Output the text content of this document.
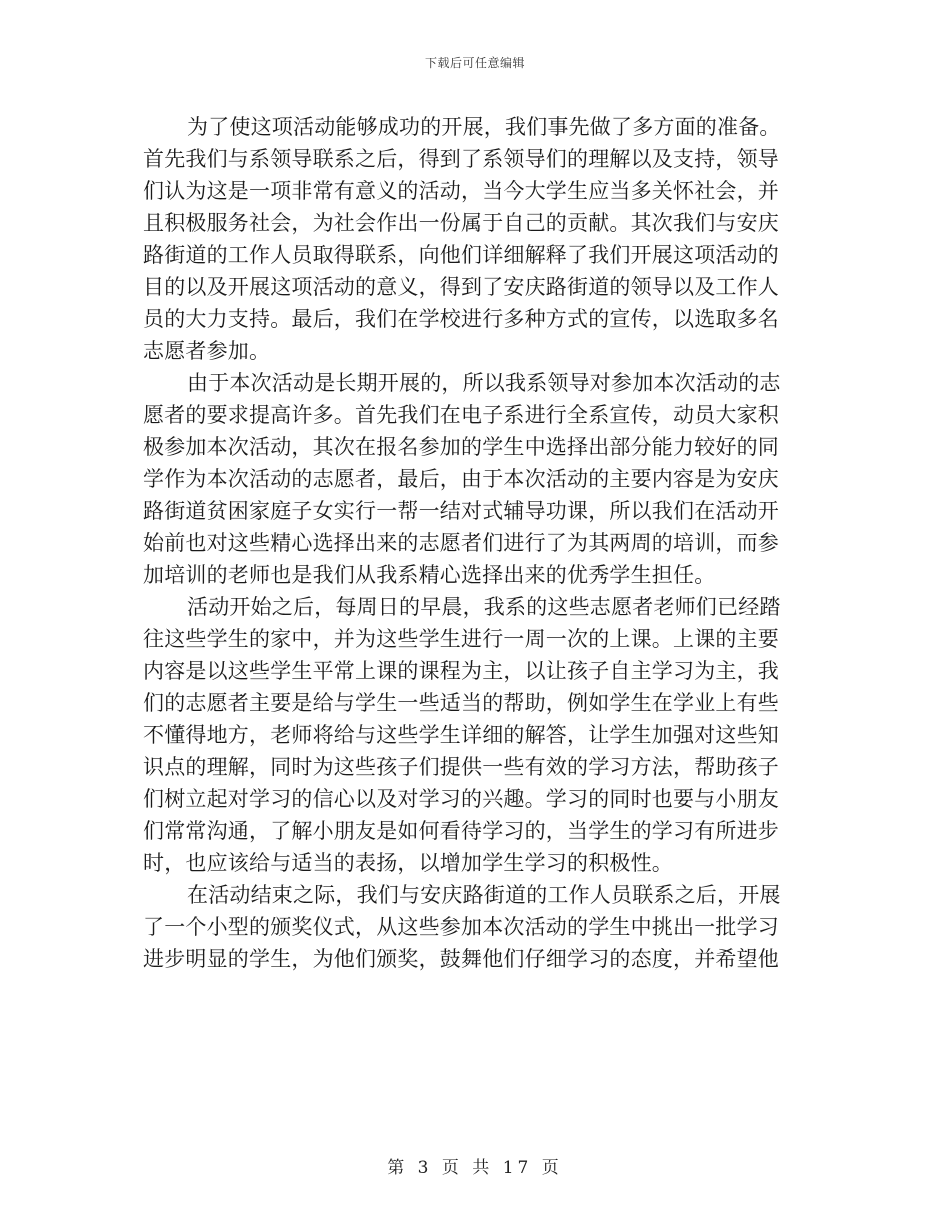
下载后可任意编辑

为了使这项活动能够成功的开展，我们事先做了多方面的准备。
首先我们与系领导联系之后，得到了系领导们的理解以及支持，领导
们认为这是一项非常有意义的活动，当今大学生应当多关怀社会，并
且积极服务社会，为社会作出一份属于自己的贡献。其次我们与安庆
路街道的工作人员取得联系，向他们详细解释了我们开展这项活动的
目的以及开展这项活动的意义，得到了安庆路街道的领导以及工作人
员的大力支持。最后，我们在学校进行多种方式的宣传，以选取多名
志愿者参加。

由于本次活动是长期开展的，所以我系领导对参加本次活动的志
愿者的要求提高许多。首先我们在电子系进行全系宣传，动员大家积
极参加本次活动，其次在报名参加的学生中选择出部分能力较好的同
学作为本次活动的志愿者，最后，由于本次活动的主要内容是为安庆
路街道贫困家庭子女实行一帮一结对式辅导功课，所以我们在活动开
始前也对这些精心选择出来的志愿者们进行了为其两周的培训，而参
加培训的老师也是我们从我系精心选择出来的优秀学生担任。

活动开始之后，每周日的早晨，我系的这些志愿者老师们已经踏
往这些学生的家中，并为这些学生进行一周一次的上课。上课的主要
内容是以这些学生平常上课的课程为主，以让孩子自主学习为主，我
们的志愿者主要是给与学生一些适当的帮助，例如学生在学业上有些
不懂得地方，老师将给与这些学生详细的解答，让学生加强对这些知
识点的理解，同时为这些孩子们提供一些有效的学习方法，帮助孩子
们树立起对学习的信心以及对学习的兴趣。学习的同时也要与小朋友
们常常沟通，了解小朋友是如何看待学习的，当学生的学习有所进步
时，也应该给与适当的表扬，以增加学生学习的积极性。

在活动结束之际，我们与安庆路街道的工作人员联系之后，开展
了一个小型的颁奖仪式，从这些参加本次活动的学生中挑出一批学习
进步明显的学生，为他们颁奖，鼓舞他们仔细学习的态度，并希望他

第 3 页 共 17 页
